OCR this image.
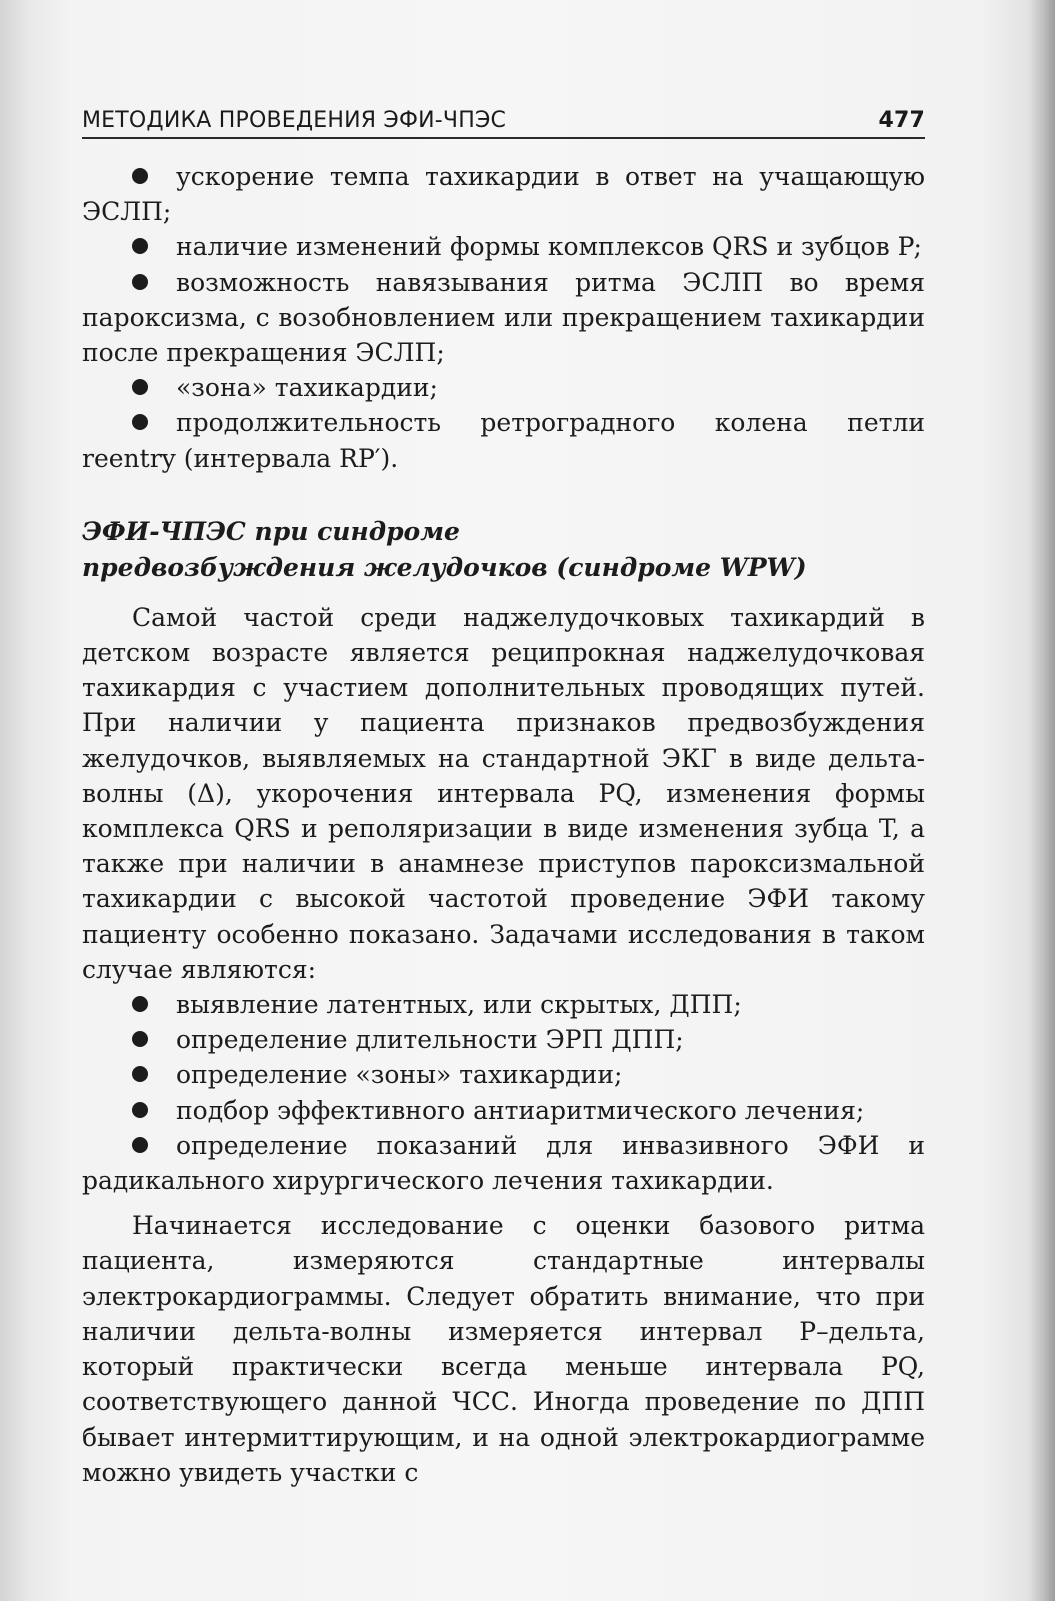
МЕТОДИКА ПРОВЕДЕНИЯ ЭФИ-ЧПЭС	477

ускорение темпа тахикардии в ответ на учащающую ЭСЛП;

наличие изменений формы комплексов QRS и зубцов P;

возможность навязывания ритма ЭСЛП во время пароксизма, с возобновлением или прекращением тахикардии после прекращения ЭСЛП;

«зона» тахикардии;

продолжительность ретроградного колена петли reentry (интервала RP′).

ЭФИ-ЧПЭС при синдроме
предвозбуждения желудочков (синдроме WPW)

Самой частой среди наджелудочковых тахикардий в детском возрасте является реципрокная наджелудочковая тахикардия с участием дополнительных проводящих путей. При наличии у пациента признаков предвозбуждения желудочков, выявляемых на стандартной ЭКГ в виде дельта-волны (Δ), укорочения интервала PQ, изменения формы комплекса QRS и реполяризации в виде изменения зубца T, а также при наличии в анамнезе приступов пароксизмальной тахикардии с высокой частотой проведение ЭФИ такому пациенту особенно показано. Задачами исследования в таком случае являются:

выявление латентных, или скрытых, ДПП;

определение длительности ЭРП ДПП;

определение «зоны» тахикардии;

подбор эффективного антиаритмического лечения;

определение показаний для инвазивного ЭФИ и радикального хирургического лечения тахикардии.

Начинается исследование с оценки базового ритма пациента, измеряются стандартные интервалы электрокардиограммы. Следует обратить внимание, что при наличии дельта-волны измеряется интервал P–дельта, который практически всегда меньше интервала PQ, соответствующего данной ЧСС. Иногда проведение по ДПП бывает интермиттирующим, и на одной электрокардиограмме можно увидеть участки с
